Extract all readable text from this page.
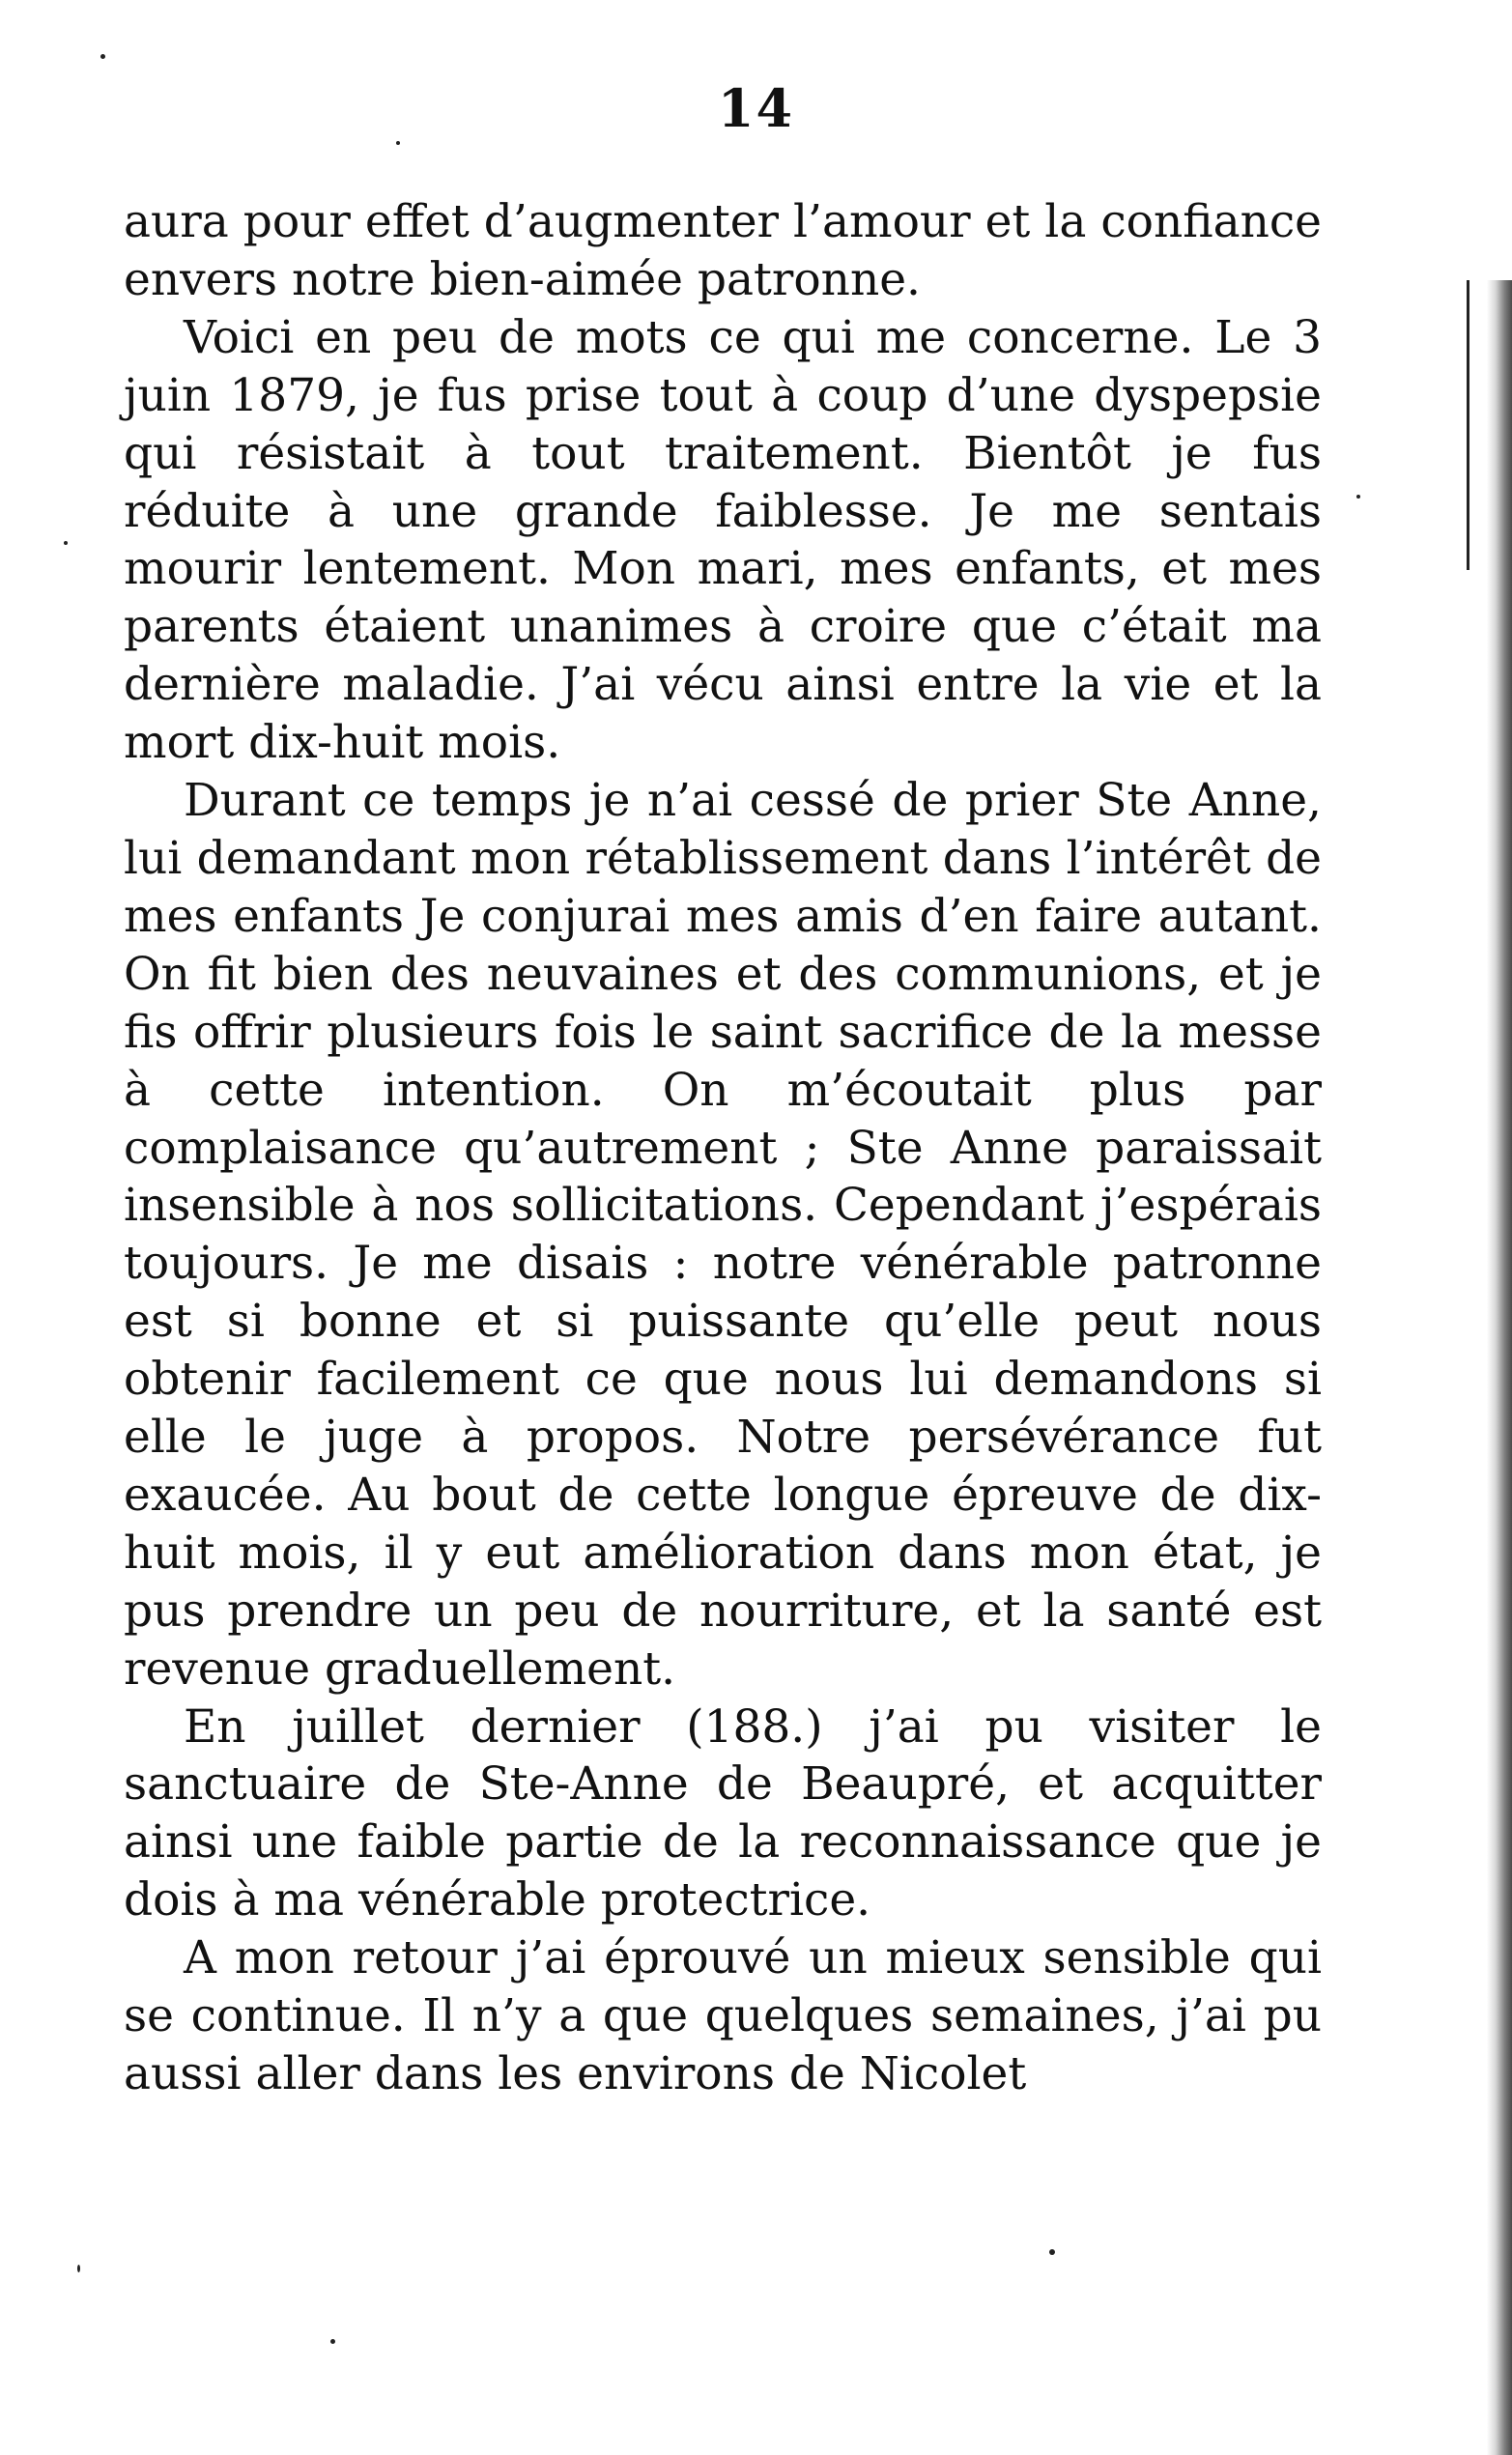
14

aura pour effet d’augmenter l’amour et la confiance envers notre bien-aimée patronne.

Voici en peu de mots ce qui me concerne. Le 3 juin 1879, je fus prise tout à coup d’une dyspepsie qui résistait à tout traitement. Bientôt je fus réduite à une grande faiblesse. Je me sentais mourir lentement. Mon mari, mes enfants, et mes parents étaient unanimes à croire que c’était ma dernière maladie. J’ai vécu ainsi entre la vie et la mort dix-huit mois.

Durant ce temps je n’ai cessé de prier Ste Anne, lui demandant mon rétablissement dans l’intérêt de mes enfants Je conjurai mes amis d’en faire autant. On fit bien des neuvaines et des communions, et je fis offrir plusieurs fois le saint sacrifice de la messe à cette intention. On m’écoutait plus par complaisance qu’autrement ; Ste Anne paraissait insensible à nos sollicitations. Cependant j’espérais toujours. Je me disais : notre vénérable patronne est si bonne et si puissante qu’elle peut nous obtenir facilement ce que nous lui demandons si elle le juge à propos. Notre persévérance fut exaucée. Au bout de cette longue épreuve de dix-huit mois, il y eut amélioration dans mon état, je pus prendre un peu de nourriture, et la santé est revenue graduellement.

En juillet dernier (188.) j’ai pu visiter le sanctuaire de Ste-Anne de Beaupré, et acquitter ainsi une faible partie de la reconnaissance que je dois à ma vénérable protectrice.

A mon retour j’ai éprouvé un mieux sensible qui se continue. Il n’y a que quelques semaines, j’ai pu aussi aller dans les environs de Nicolet
